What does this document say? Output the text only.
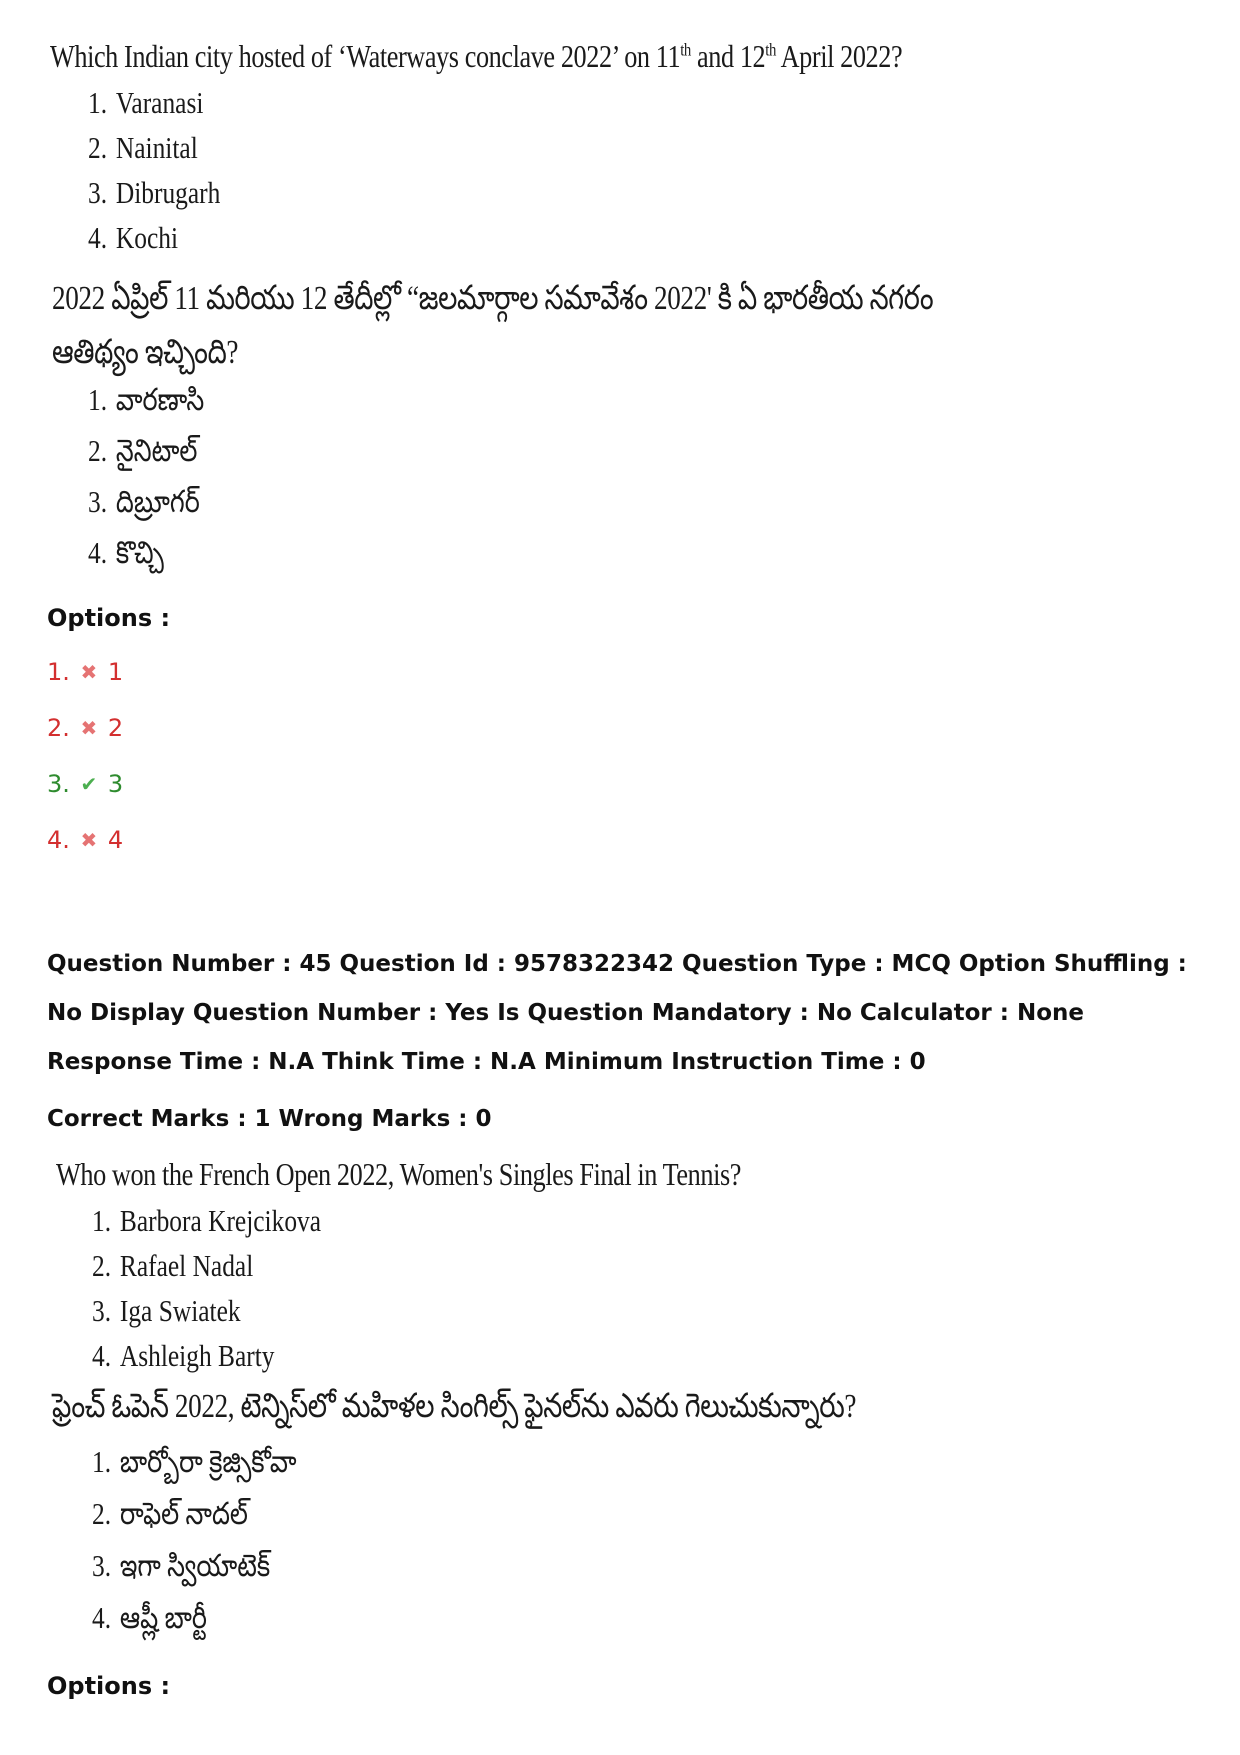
Which Indian city hosted of ‘Waterways conclave 2022’ on 11th and 12th April 2022?
1. Varanasi
2. Nainital
3. Dibrugarh
4. Kochi
2022 ఏప్రిల్ 11 మరియు 12 తేదీల్లో “జలమార్గాల సమావేశం 2022' కి ఏ భారతీయ నగరం
ఆతిథ్యం ఇచ్చింది?
1. వారణాసి
2. నైనిటాల్
3. దిబ్రూగర్
4. కొచ్చి
Options :
1. ✖ 1
2. ✖ 2
3. ✔ 3
4. ✖ 4
Question Number : 45 Question Id : 9578322342 Question Type : MCQ Option Shuffling : No Display Question Number : Yes Is Question Mandatory : No Calculator : None Response Time : N.A Think Time : N.A Minimum Instruction Time : 0
Correct Marks : 1 Wrong Marks : 0
Who won the French Open 2022, Women's Singles Final in Tennis?
1. Barbora Krejcikova
2. Rafael Nadal
3. Iga Swiatek
4. Ashleigh Barty
ఫ్రెంచ్ ఓపెన్ 2022, టెన్నిస్‌లో మహిళల సింగిల్స్ ఫైనల్‌ను ఎవరు గెలుచుకున్నారు?
1. బార్బోరా క్రెజ్సికోవా
2. రాఫెల్ నాదల్
3. ఇగా స్వియాటెక్
4. ఆష్లీ బార్టీ
Options :
